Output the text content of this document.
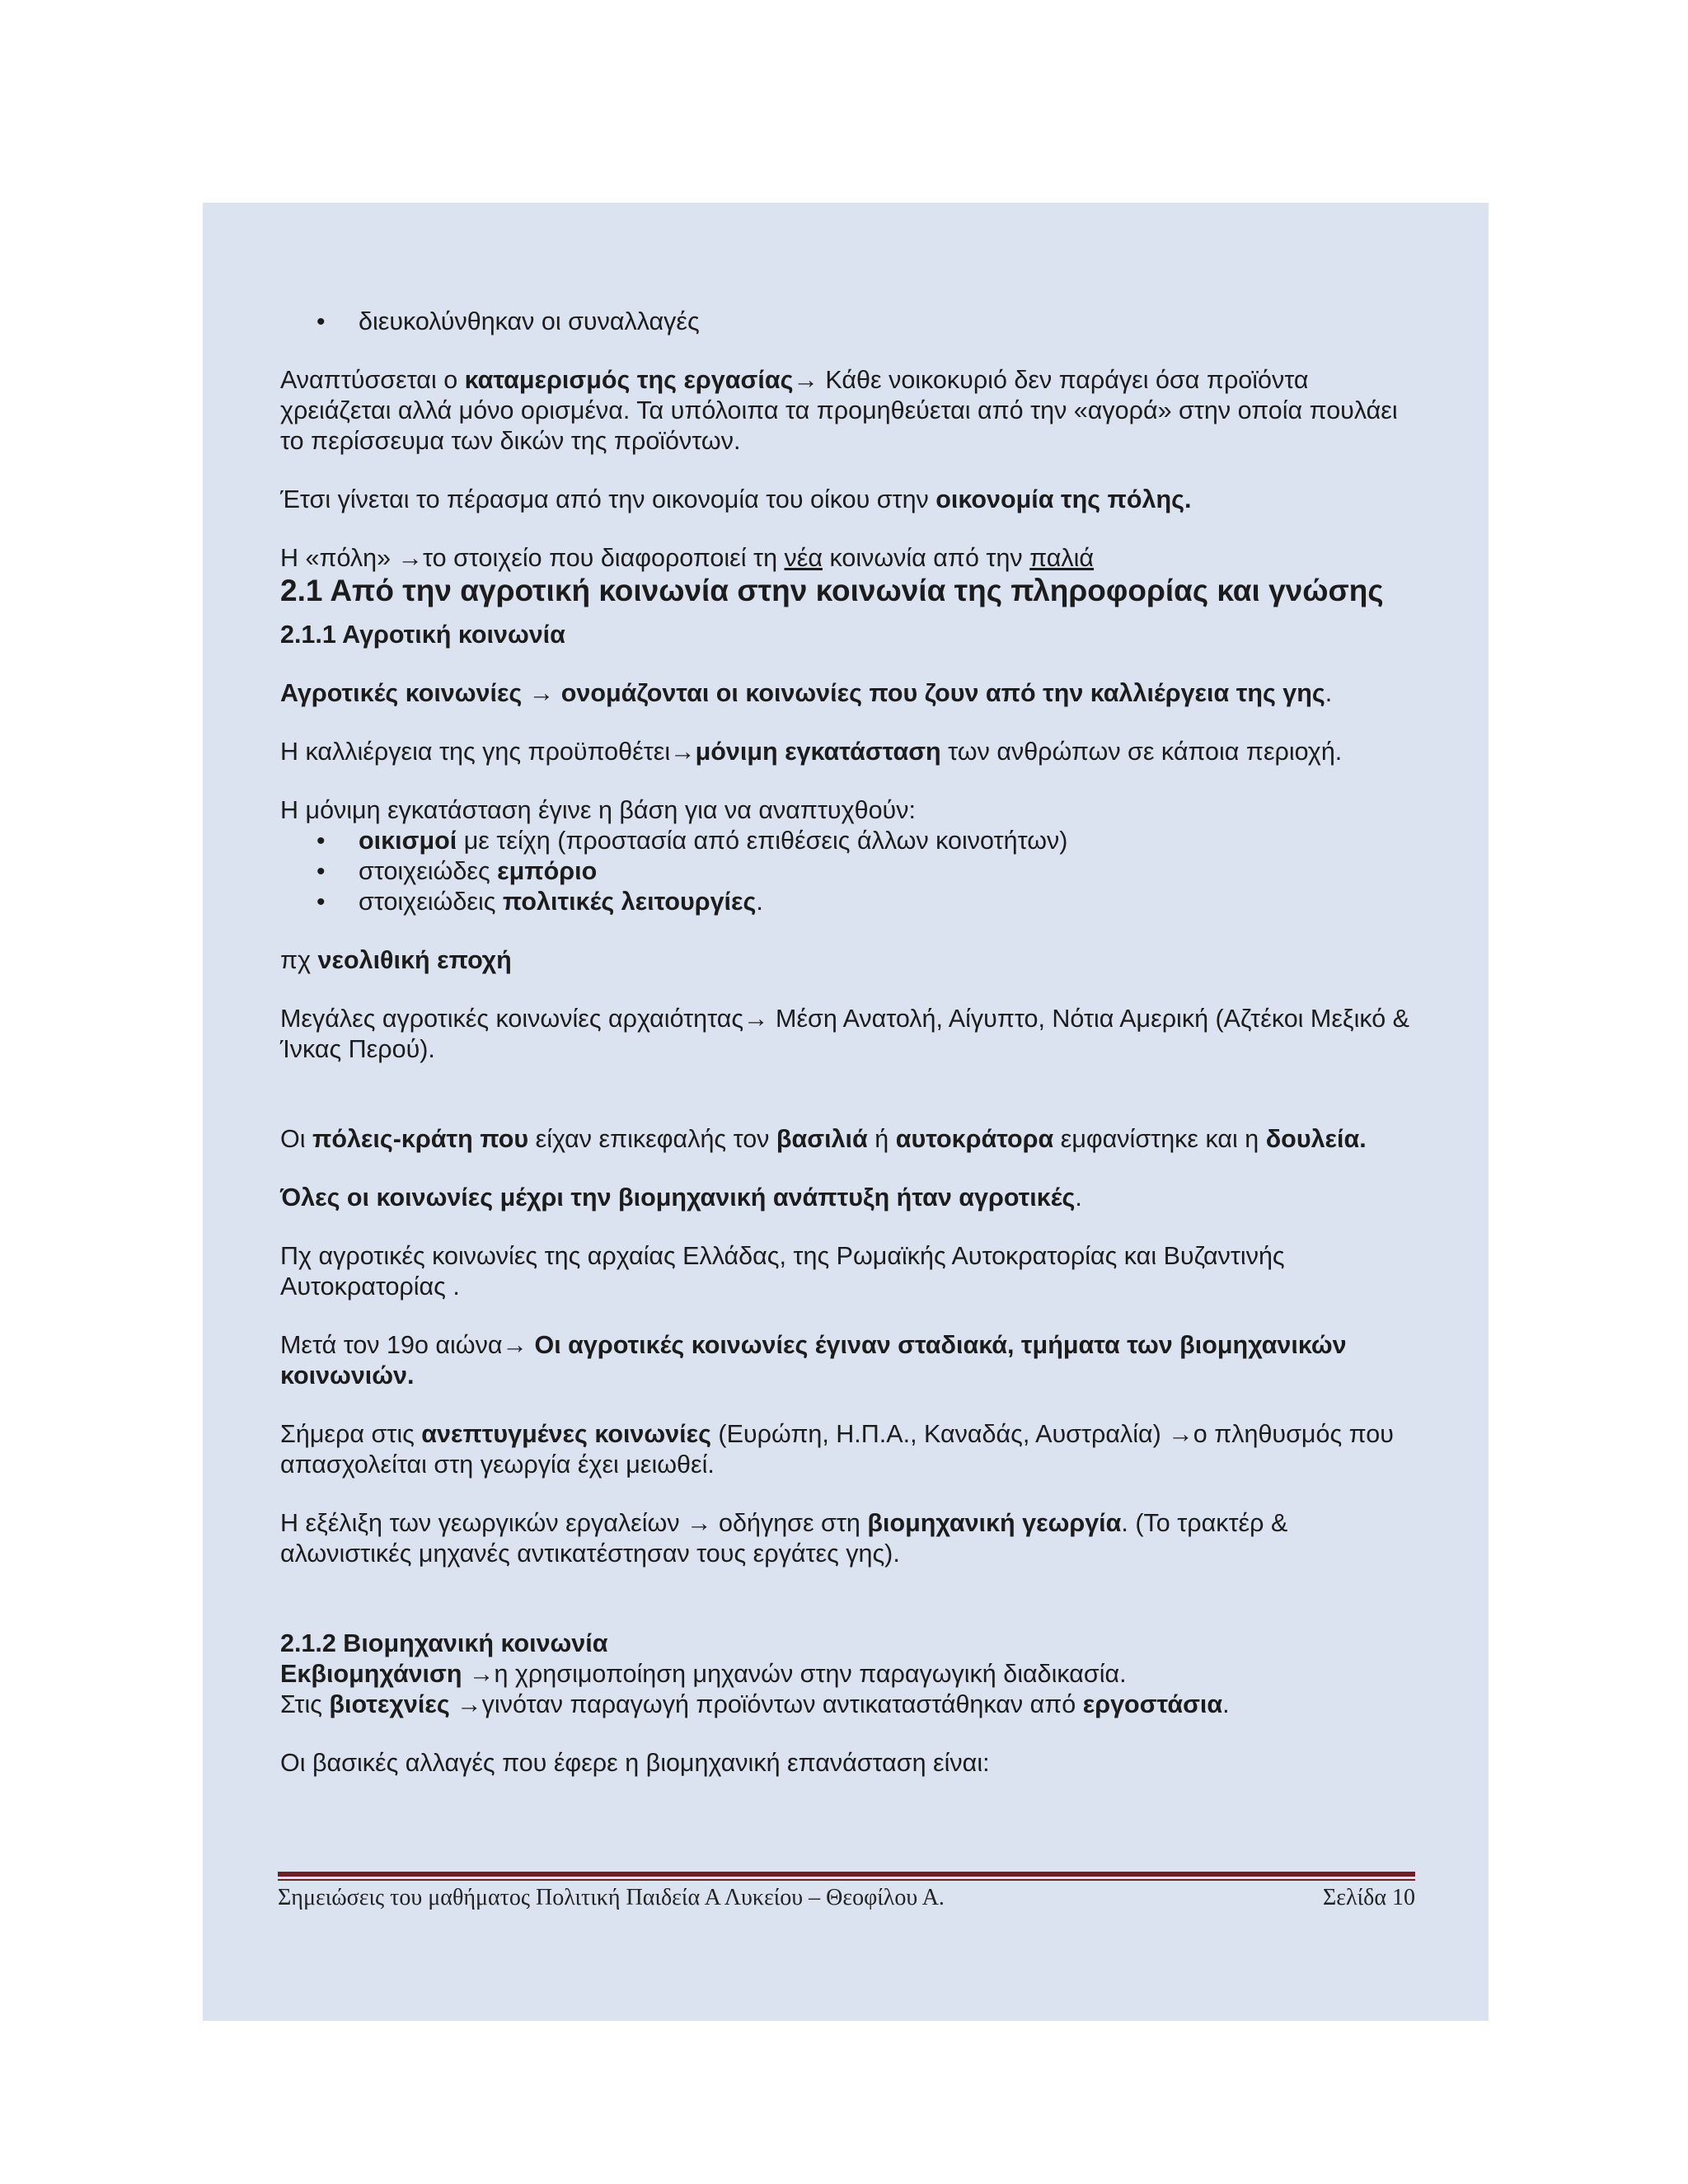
• διευκολύνθηκαν οι συναλλαγές

Αναπτύσσεται ο καταμερισμός της εργασίας→ Κάθε νοικοκυριό δεν παράγει όσα προϊόντα χρειάζεται αλλά μόνο ορισμένα. Τα υπόλοιπα τα προμηθεύεται από την «αγορά» στην οποία πουλάει το περίσσευμα των δικών της προϊόντων.

Έτσι γίνεται το πέρασμα από την οικονομία του οίκου στην οικονομία της πόλης.

Η «πόλη» →το στοιχείο που διαφοροποιεί τη νέα κοινωνία από την παλιά

2.1 Από την αγροτική κοινωνία στην κοινωνία της πληροφορίας και γνώσης
2.1.1 Αγροτική κοινωνία

Αγροτικές κοινωνίες → ονομάζονται οι κοινωνίες που ζουν από την καλλιέργεια της γης.

Η καλλιέργεια της γης προϋποθέτει→μόνιμη εγκατάσταση των ανθρώπων σε κάποια περιοχή.

Η μόνιμη εγκατάσταση έγινε η βάση για να αναπτυχθούν:

• οικισμοί με τείχη (προστασία από επιθέσεις άλλων κοινοτήτων)
• στοιχειώδες εμπόριο
• στοιχειώδεις πολιτικές λειτουργίες.

πχ νεολιθική εποχή

Μεγάλες αγροτικές κοινωνίες αρχαιότητας→ Μέση Ανατολή, Αίγυπτο, Νότια Αμερική (Αζτέκοι Μεξικό & Ίνκας Περού).

Οι πόλεις-κράτη που είχαν επικεφαλής τον βασιλιά ή αυτοκράτορα εμφανίστηκε και η δουλεία.

Όλες οι κοινωνίες μέχρι την βιομηχανική ανάπτυξη ήταν αγροτικές.

Πχ αγροτικές κοινωνίες της αρχαίας Ελλάδας, της Ρωμαϊκής Αυτοκρατορίας και Βυζαντινής Αυτοκρατορίας .

Μετά τον 19ο αιώνα→ Οι αγροτικές κοινωνίες έγιναν σταδιακά, τμήματα των βιομηχανικών κοινωνιών.

Σήμερα στις ανεπτυγμένες κοινωνίες (Ευρώπη, Η.Π.Α., Καναδάς, Αυστραλία) →ο πληθυσμός που απασχολείται στη γεωργία έχει μειωθεί.

Η εξέλιξη των γεωργικών εργαλείων → οδήγησε στη βιομηχανική γεωργία. (Το τρακτέρ & αλωνιστικές μηχανές αντικατέστησαν τους εργάτες γης).

2.1.2 Βιομηχανική κοινωνία

Εκβιομηχάνιση →η χρησιμοποίηση μηχανών στην παραγωγική διαδικασία.

Στις βιοτεχνίες →γινόταν παραγωγή προϊόντων αντικαταστάθηκαν από εργοστάσια.

Οι βασικές αλλαγές που έφερε η βιομηχανική επανάσταση είναι:

Σημειώσεις του μαθήματος Πολιτική Παιδεία Α Λυκείου – Θεοφίλου Α.	Σελίδα 10
